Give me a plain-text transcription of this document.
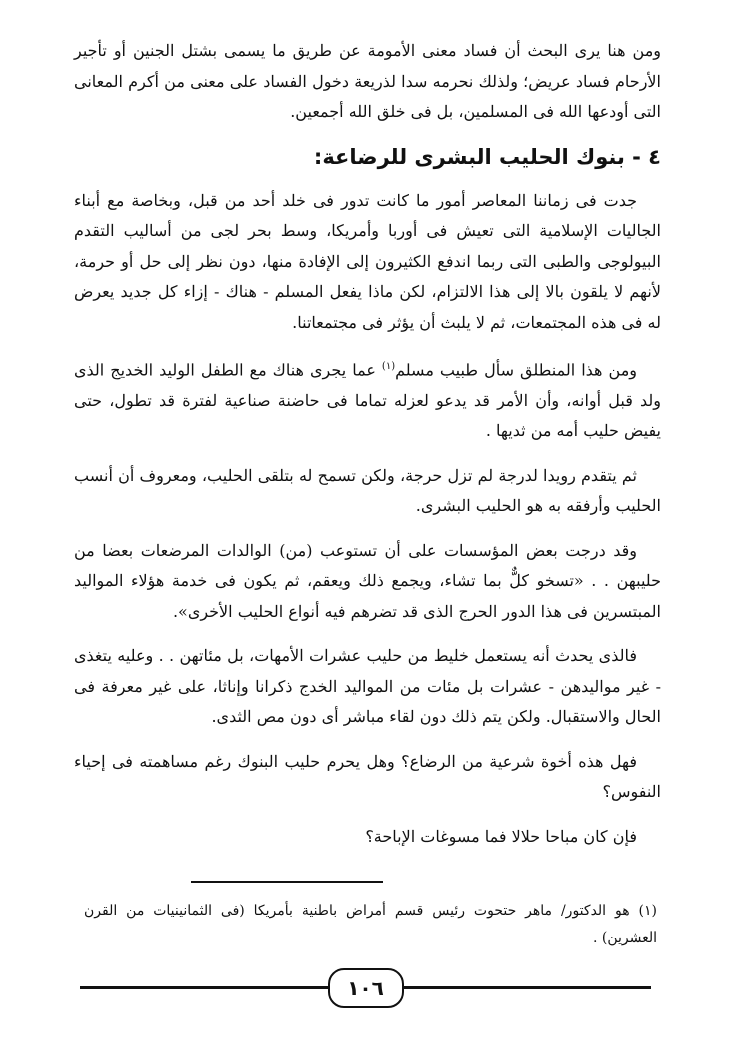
ومن هنا يرى البحث أن فساد معنى الأمومة عن طريق ما يسمى بشتل الجنين أو تأجير الأرحام فساد عريض؛ ولذلك نحرمه سدا لذريعة دخول الفساد على معنى من أكرم المعانى التى أودعها الله فى المسلمين، بل فى خلق الله أجمعين.

٤ - بنوك الحليب البشرى للرضاعة:

جدت فى زماننا المعاصر أمور ما كانت تدور فى خلد أحد من قبل، وبخاصة مع أبناء الجاليات الإسلامية التى تعيش فى أوربا وأمريكا، وسط بحر لجى من أساليب التقدم البيولوجى والطبى التى ربما اندفع الكثيرون إلى الإفادة منها، دون نظر إلى حل أو حرمة، لأنهم لا يلقون بالا إلى هذا الالتزام، لكن ماذا يفعل المسلم - هناك - إزاء كل جديد يعرض له فى هذه المجتمعات، ثم لا يلبث أن يؤثر فى مجتمعاتنا.

ومن هذا المنطلق سأل طبيب مسلم$^{(١)}$ عما يجرى هناك مع الطفل الوليد الخديج الذى ولد قبل أوانه، وأن الأمر قد يدعو لعزله تماما فى حاضنة صناعية لفترة قد تطول، حتى يفيض حليب أمه من ثديها .

ثم يتقدم رويدا لدرجة لم تزل حرجة، ولكن تسمح له بتلقى الحليب، ومعروف أن أنسب الحليب وأرفقه به هو الحليب البشرى.

وقد درجت بعض المؤسسات على أن تستوعب (من) الوالدات المرضعات بعضا من حليبهن . . «تسخو كلٌّ بما تشاء، ويجمع ذلك ويعقم، ثم يكون فى خدمة هؤلاء المواليد المبتسرين فى هذا الدور الحرج الذى قد تضرهم فيه أنواع الحليب الأخرى».

فالذى يحدث أنه يستعمل خليط من حليب عشرات الأمهات، بل مئاتهن . . وعليه يتغذى - غير مواليدهن - عشرات بل مئات من المواليد الخدج ذكرانا وإناثا، على غير معرفة فى الحال والاستقبال. ولكن يتم ذلك دون لقاء مباشر أى دون مص الثدى.

فهل هذه أخوة شرعية من الرضاع؟ وهل يحرم حليب البنوك رغم مساهمته فى إحياء النفوس؟

فإن كان مباحا حلالا فما مسوغات الإباحة؟

(١) هو الدكتور/ ماهر حتحوت رئيس قسم أمراض باطنية بأمريكا (فى الثمانينيات من القرن العشرين) .
١٠٦
